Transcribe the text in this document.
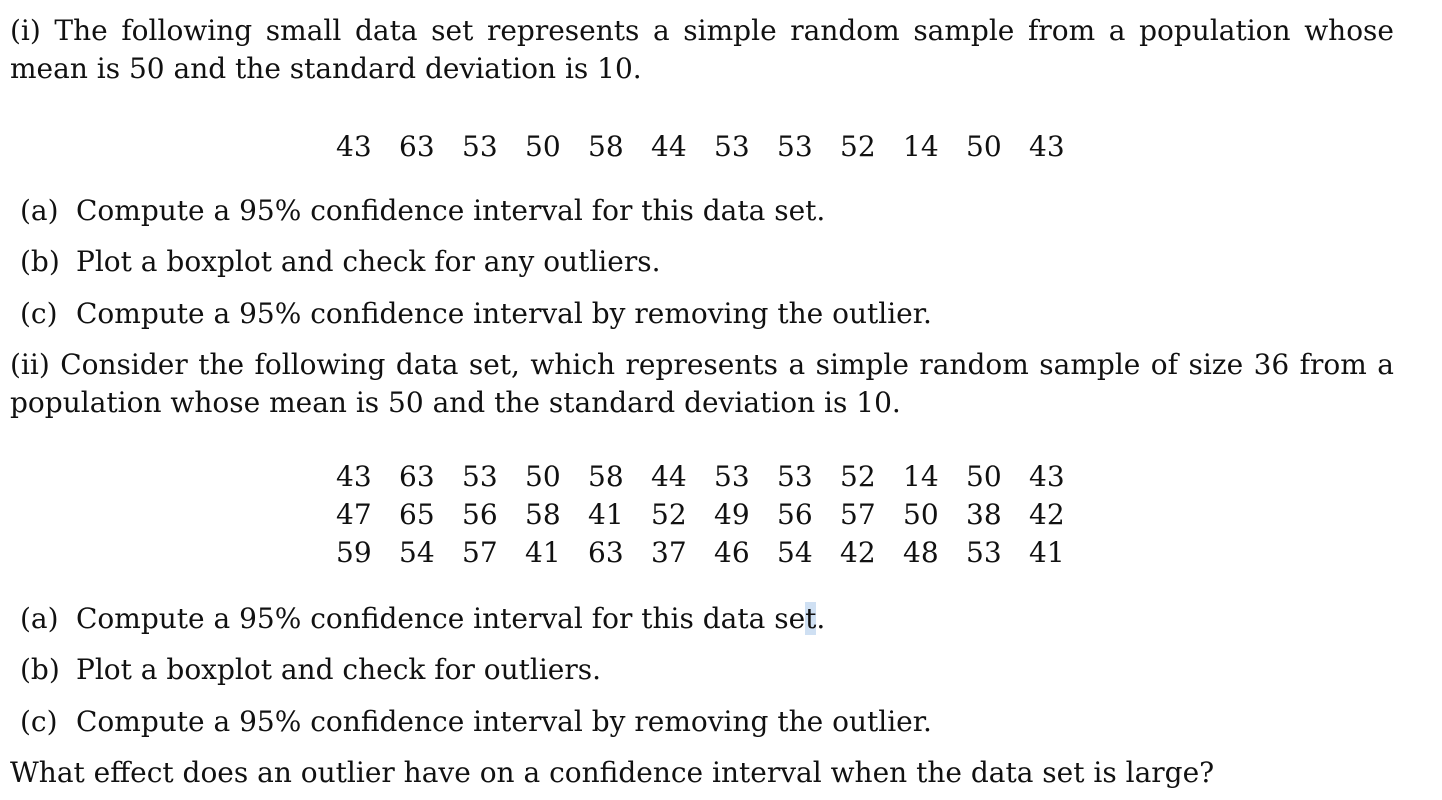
(i) The following small data set represents a simple random sample from a population whose mean is 50 and the standard deviation is 10.

43	63	53	50	58	44	53	53	52	14	50	43

(a) Compute a 95% confidence interval for this data set.

(b) Plot a boxplot and check for any outliers.

(c) Compute a 95% confidence interval by removing the outlier.

(ii) Consider the following data set, which represents a simple random sample of size 36 from a population whose mean is 50 and the standard deviation is 10.

43	63	53	50	58	44	53	53	52	14	50	43
47	65	56	58	41	52	49	56	57	50	38	42
59	54	57	41	63	37	46	54	42	48	53	41

(a) Compute a 95% confidence interval for this data set.

(b) Plot a boxplot and check for outliers.

(c) Compute a 95% confidence interval by removing the outlier.

What effect does an outlier have on a confidence interval when the data set is large?
